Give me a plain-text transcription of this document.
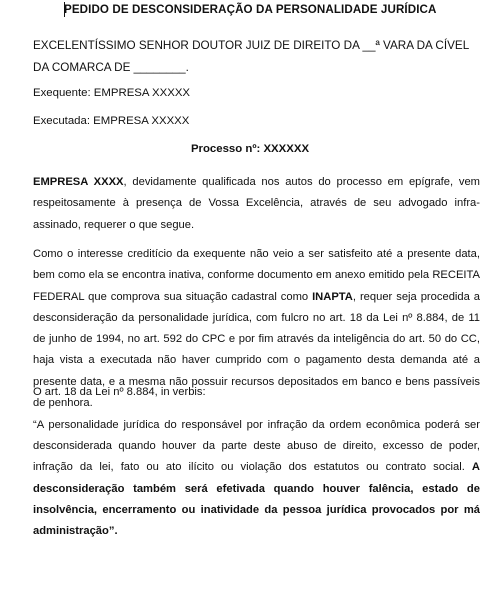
PEDIDO DE DESCONSIDERAÇÃO DA PERSONALIDADE JURÍDICA
EXCELENTÍSSIMO SENHOR DOUTOR JUIZ DE DIREITO DA __ª VARA DA CÍVEL
DA COMARCA DE ________.
Exequente: EMPRESA XXXXX
Executada: EMPRESA XXXXX
Processo nº: XXXXXX
EMPRESA XXXX, devidamente qualificada nos autos do processo em epígrafe, vem respeitosamente à presença de Vossa Excelência, através de seu advogado infra-assinado, requerer o que segue.
Como o interesse creditício da exequente não veio a ser satisfeito até a presente data, bem como ela se encontra inativa, conforme documento em anexo emitido pela RECEITA FEDERAL que comprova sua situação cadastral como INAPTA, requer seja procedida a desconsideração da personalidade jurídica, com fulcro no art. 18 da Lei nº 8.884, de 11 de junho de 1994, no art. 592 do CPC e por fim através da inteligência do art. 50 do CC, haja vista a executada não haver cumprido com o pagamento desta demanda até a presente data, e a mesma não possuir recursos depositados em banco e bens passíveis de penhora.
O art. 18 da Lei nº 8.884, in verbis:
“A personalidade jurídica do responsável por infração da ordem econômica poderá ser desconsiderada quando houver da parte deste abuso de direito, excesso de poder, infração da lei, fato ou ato ilícito ou violação dos estatutos ou contrato social. A desconsideração também será efetivada quando houver falência, estado de insolvência, encerramento ou inatividade da pessoa jurídica provocados por má administração”.
